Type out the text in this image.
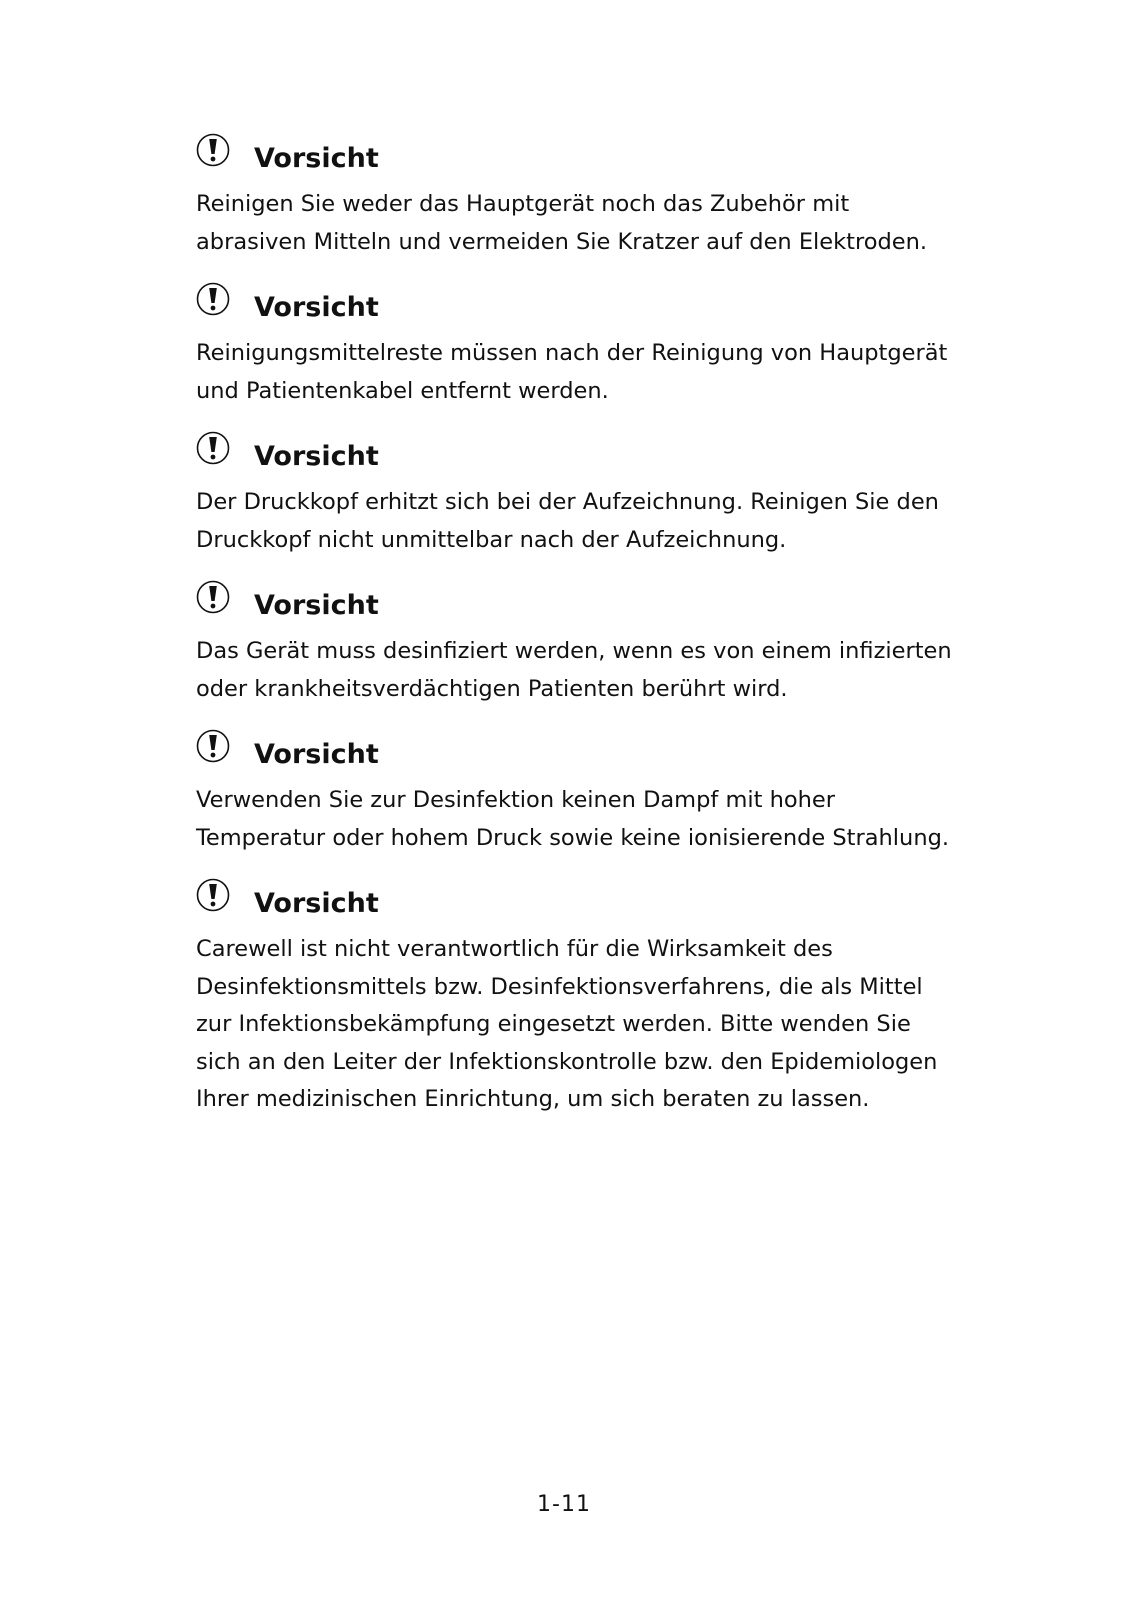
Vorsicht

Reinigen Sie weder das Hauptgerät noch das Zubehör mit
abrasiven Mitteln und vermeiden Sie Kratzer auf den Elektroden.

Vorsicht

Reinigungsmittelreste müssen nach der Reinigung von Hauptgerät
und Patientenkabel entfernt werden.

Vorsicht

Der Druckkopf erhitzt sich bei der Aufzeichnung. Reinigen Sie den
Druckkopf nicht unmittelbar nach der Aufzeichnung.

Vorsicht

Das Gerät muss desinfiziert werden, wenn es von einem infizierten
oder krankheitsverdächtigen Patienten berührt wird.

Vorsicht

Verwenden Sie zur Desinfektion keinen Dampf mit hoher
Temperatur oder hohem Druck sowie keine ionisierende Strahlung.

Vorsicht

Carewell ist nicht verantwortlich für die Wirksamkeit des
Desinfektionsmittels bzw. Desinfektionsverfahrens, die als Mittel
zur Infektionsbekämpfung eingesetzt werden. Bitte wenden Sie
sich an den Leiter der Infektionskontrolle bzw. den Epidemiologen
Ihrer medizinischen Einrichtung, um sich beraten zu lassen.

1-11
